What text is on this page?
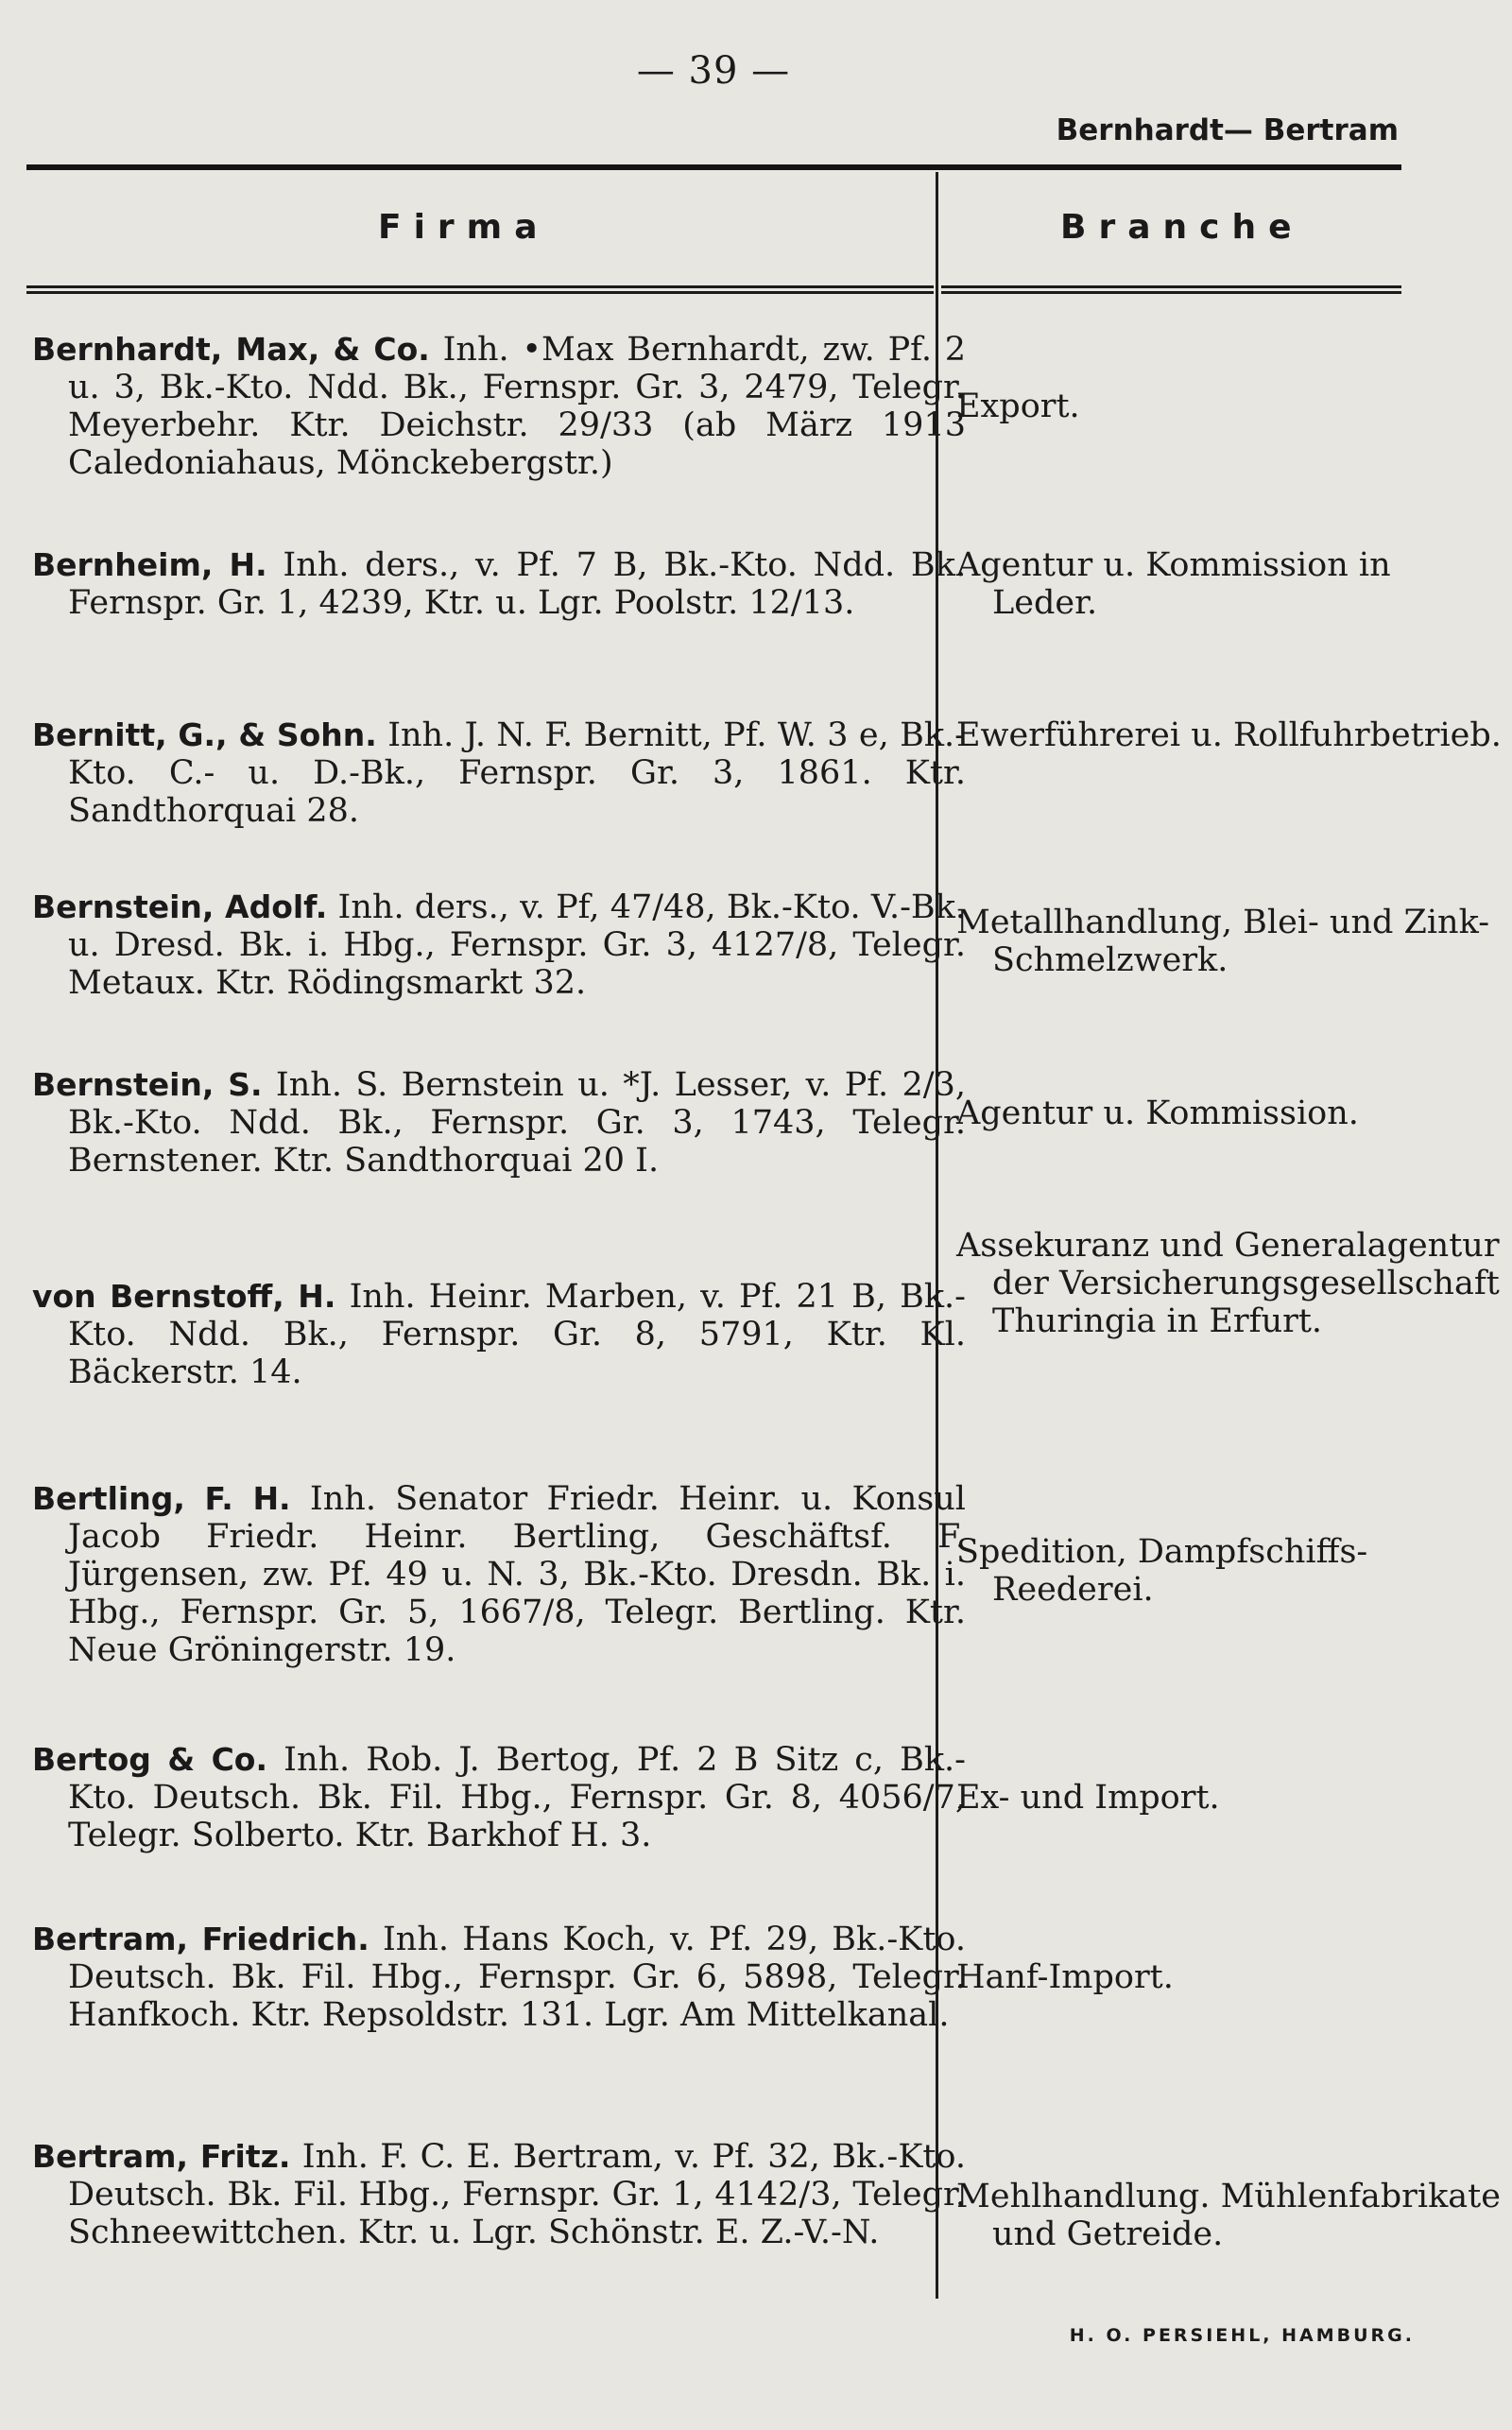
— 39 —
Bernhardt— Bertram
Firma	Branche
Bernhardt, Max, & Co. Inh. •Max Bernhardt, zw. Pf. 2 u. 3, Bk.-Kto. Ndd. Bk., Fernspr. Gr. 3, 2479, Telegr. Meyerbehr. Ktr. Deichstr. 29/33 (ab März 1913 Caledoniahaus, Mönckebergstr.)
Export.
Bernheim, H. Inh. ders., v. Pf. 7 B, Bk.-Kto. Ndd. Bk. Fernspr. Gr. 1, 4239, Ktr. u. Lgr. Poolstr. 12/13.
Agentur u. Kommission in Leder.
Bernitt, G., & Sohn. Inh. J. N. F. Bernitt, Pf. W. 3 e, Bk.-Kto. C.- u. D.-Bk., Fernspr. Gr. 3, 1861. Ktr. Sandthorquai 28.
Ewerführerei u. Rollfuhrbetrieb.
Bernstein, Adolf. Inh. ders., v. Pf, 47/48, Bk.-Kto. V.-Bk. u. Dresd. Bk. i. Hbg., Fernspr. Gr. 3, 4127/8, Telegr. Metaux. Ktr. Rödingsmarkt 32.
Metallhandlung, Blei- und Zink-Schmelzwerk.
Bernstein, S. Inh. S. Bernstein u. *J. Lesser, v. Pf. 2/3, Bk.-Kto. Ndd. Bk., Fernspr. Gr. 3, 1743, Telegr. Bernstener. Ktr. Sandthorquai 20 I.
Agentur u. Kommission.
von Bernstoff, H. Inh. Heinr. Marben, v. Pf. 21 B, Bk.-Kto. Ndd. Bk., Fernspr. Gr. 8, 5791, Ktr. Kl. Bäckerstr. 14.
Assekuranz und Generalagentur der Versicherungsgesellschaft Thuringia in Erfurt.
Bertling, F. H. Inh. Senator Friedr. Heinr. u. Konsul Jacob Friedr. Heinr. Bertling, Geschäftsf. F. Jürgensen, zw. Pf. 49 u. N. 3, Bk.-Kto. Dresdn. Bk. i. Hbg., Fernspr. Gr. 5, 1667/8, Telegr. Bertling. Ktr. Neue Gröningerstr. 19.
Spedition, Dampfschiffs-Reederei.
Bertog & Co. Inh. Rob. J. Bertog, Pf. 2 B Sitz c, Bk.-Kto. Deutsch. Bk. Fil. Hbg., Fernspr. Gr. 8, 4056/7, Telegr. Solberto. Ktr. Barkhof H. 3.
Ex- und Import.
Bertram, Friedrich. Inh. Hans Koch, v. Pf. 29, Bk.-Kto. Deutsch. Bk. Fil. Hbg., Fernspr. Gr. 6, 5898, Telegr. Hanfkoch. Ktr. Repsoldstr. 131. Lgr. Am Mittelkanal.
Hanf-Import.
Bertram, Fritz. Inh. F. C. E. Bertram, v. Pf. 32, Bk.-Kto. Deutsch. Bk. Fil. Hbg., Fernspr. Gr. 1, 4142/3, Telegr. Schneewittchen. Ktr. u. Lgr. Schönstr. E. Z.-V.-N.
Mehlhandlung. Mühlenfabrikate und Getreide.
H. O. PERSIEHL, HAMBURG.
